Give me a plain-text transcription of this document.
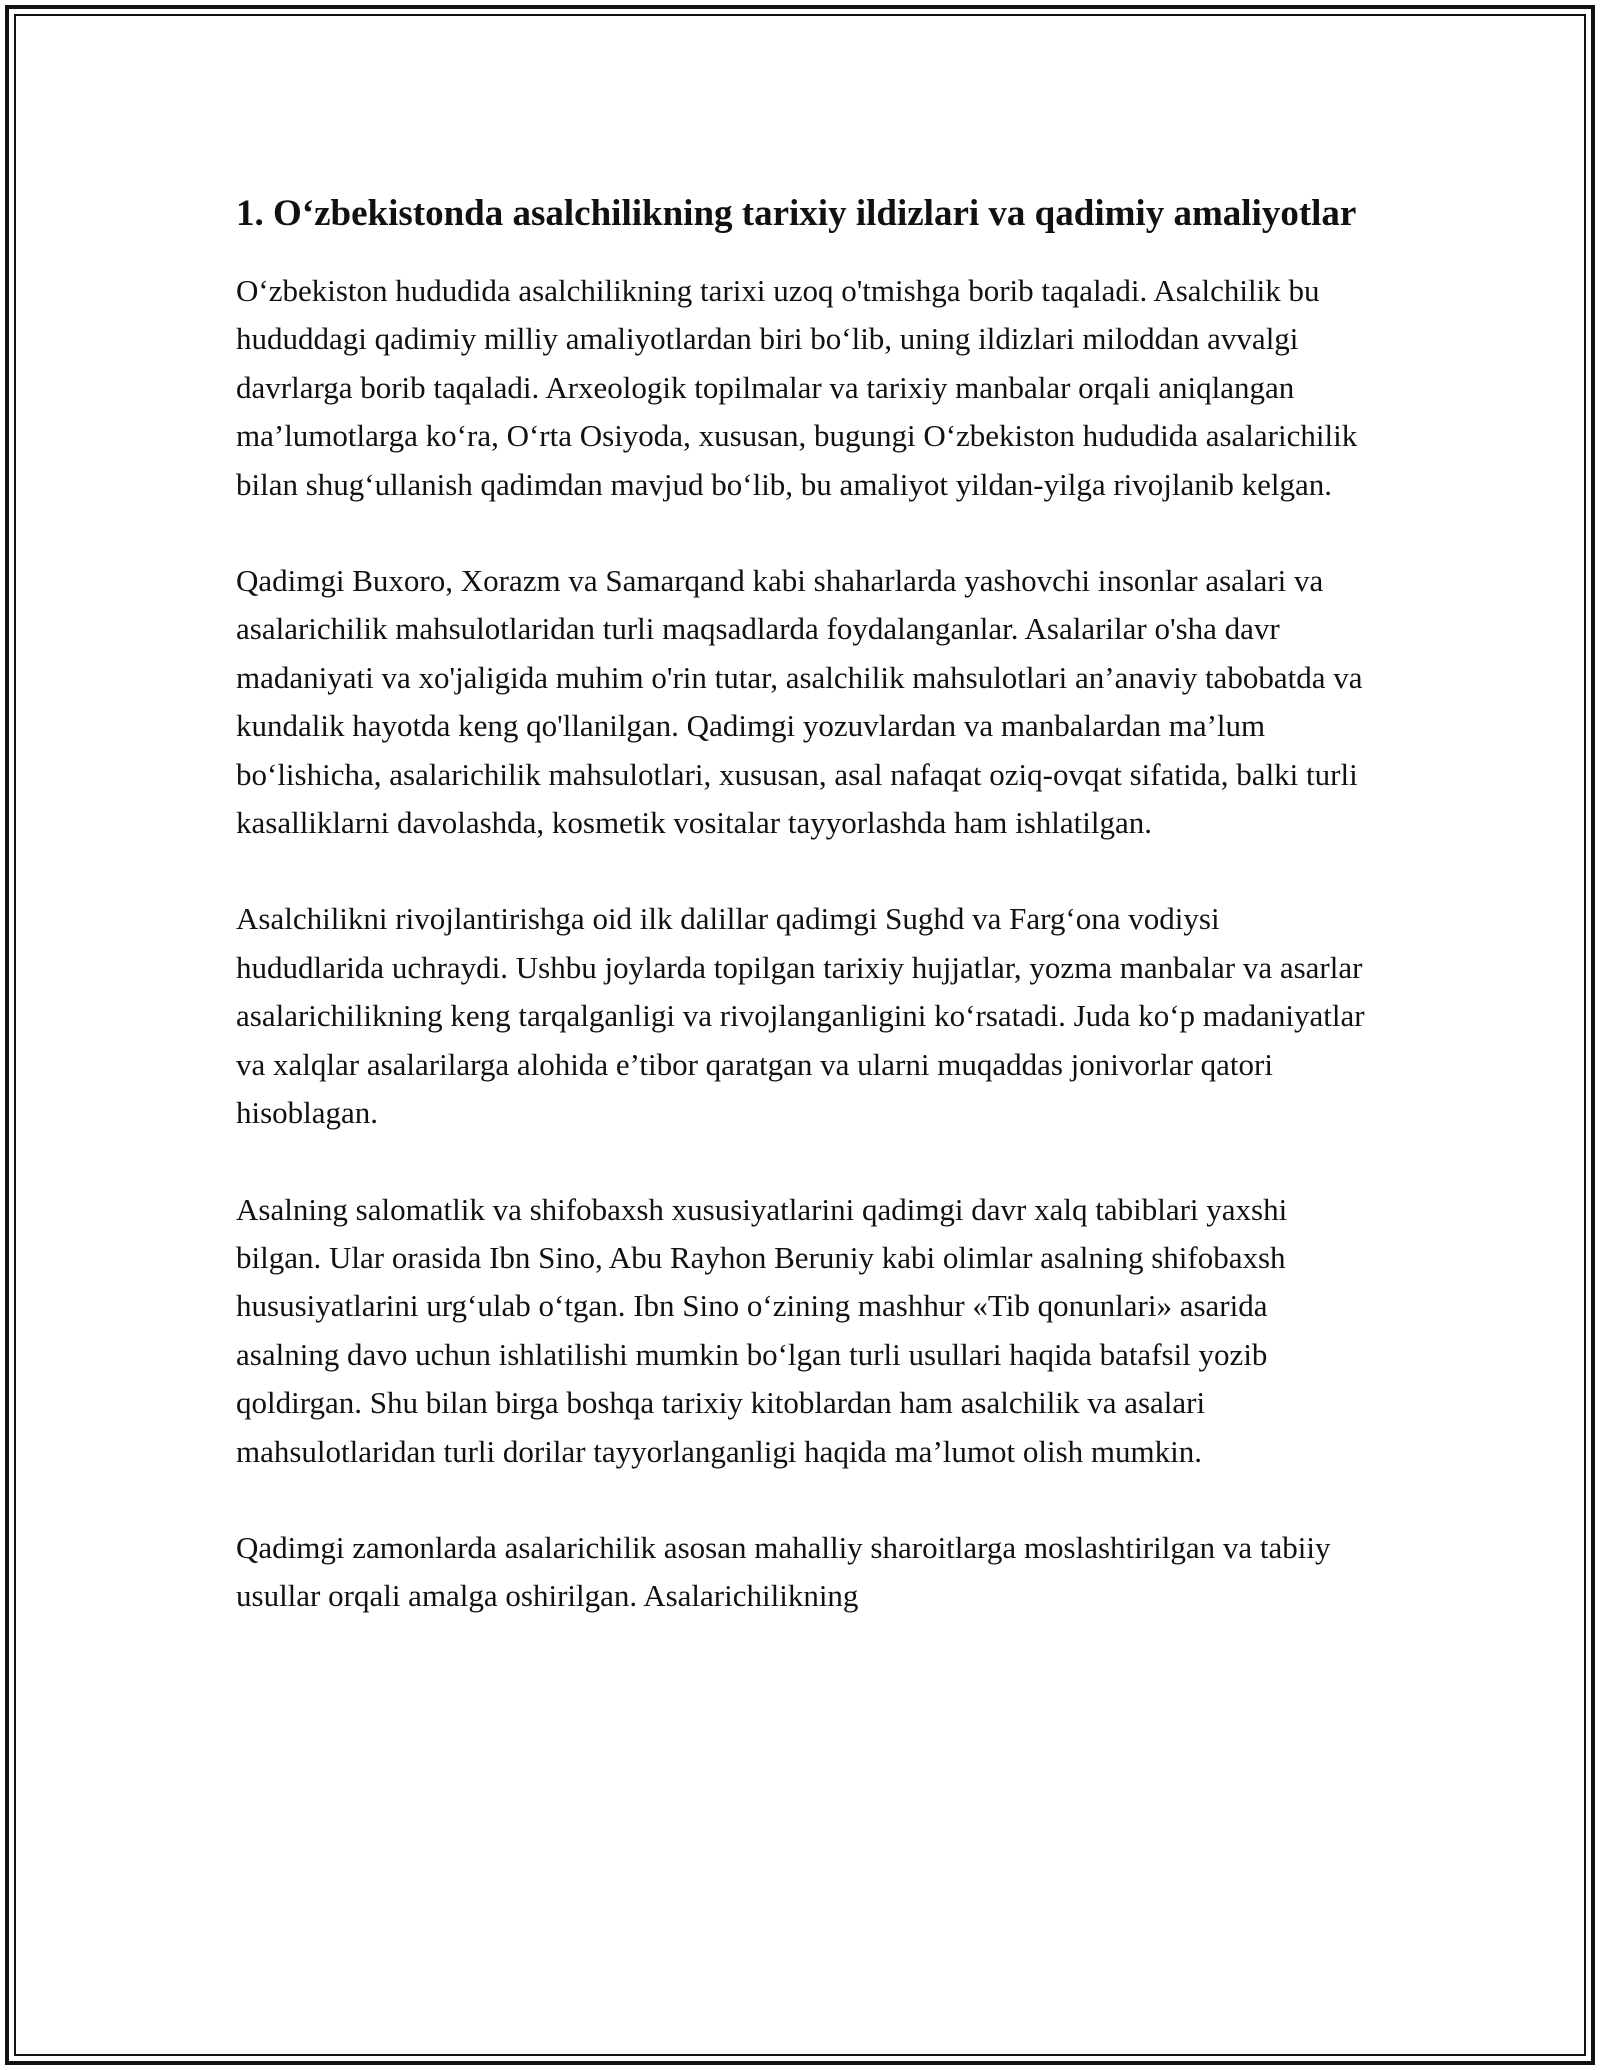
1. O‘zbekistonda asalchilikning tarixiy ildizlari va qadimiy amaliyotlar

O‘zbekiston hududida asalchilikning tarixi uzoq o'tmishga borib taqaladi. Asalchilik bu hududdagi qadimiy milliy amaliyotlardan biri bo‘lib, uning ildizlari miloddan avvalgi davrlarga borib taqaladi. Arxeologik topilmalar va tarixiy manbalar orqali aniqlangan ma’lumotlarga ko‘ra, O‘rta Osiyoda, xususan, bugungi O‘zbekiston hududida asalarichilik bilan shug‘ullanish qadimdan mavjud bo‘lib, bu amaliyot yildan-yilga rivojlanib kelgan.

Qadimgi Buxoro, Xorazm va Samarqand kabi shaharlarda yashovchi insonlar asalari va asalarichilik mahsulotlaridan turli maqsadlarda foydalanganlar. Asalarilar o'sha davr madaniyati va xo'jaligida muhim o'rin tutar, asalchilik mahsulotlari an’anaviy tabobatda va kundalik hayotda keng qo'llanilgan. Qadimgi yozuvlardan va manbalardan ma’lum bo‘lishicha, asalarichilik mahsulotlari, xususan, asal nafaqat oziq-ovqat sifatida, balki turli kasalliklarni davolashda, kosmetik vositalar tayyorlashda ham ishlatilgan.

Asalchilikni rivojlantirishga oid ilk dalillar qadimgi Sughd va Farg‘ona vodiysi hududlarida uchraydi. Ushbu joylarda topilgan tarixiy hujjatlar, yozma manbalar va asarlar asalarichilikning keng tarqalganligi va rivojlanganligini ko‘rsatadi. Juda ko‘p madaniyatlar va xalqlar asalarilarga alohida e’tibor qaratgan va ularni muqaddas jonivorlar qatori hisoblagan.

Asalning salomatlik va shifobaxsh xususiyatlarini qadimgi davr xalq tabiblari yaxshi bilgan. Ular orasida Ibn Sino, Abu Rayhon Beruniy kabi olimlar asalning shifobaxsh hususiyatlarini urg‘ulab o‘tgan. Ibn Sino o‘zining mashhur «Tib qonunlari» asarida asalning davo uchun ishlatilishi mumkin bo‘lgan turli usullari haqida batafsil yozib qoldirgan. Shu bilan birga boshqa tarixiy kitoblardan ham asalchilik va asalari mahsulotlaridan turli dorilar tayyorlanganligi haqida ma’lumot olish mumkin.

Qadimgi zamonlarda asalarichilik asosan mahalliy sharoitlarga moslashtirilgan va tabiiy usullar orqali amalga oshirilgan. Asalarichilikning
